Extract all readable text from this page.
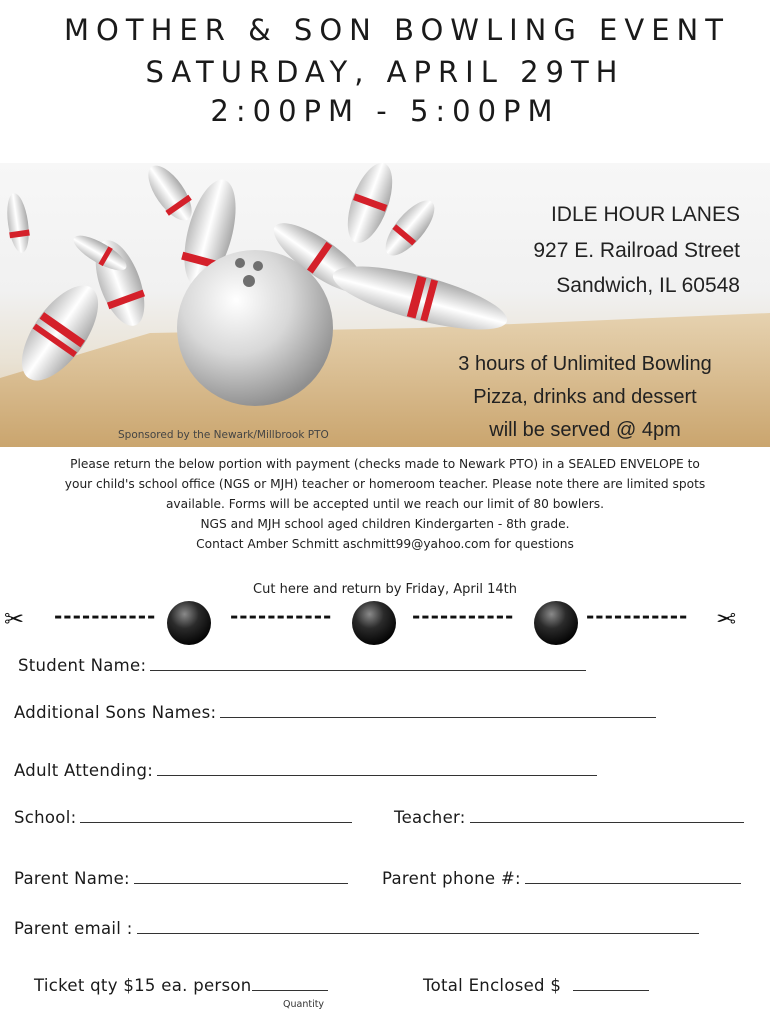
MOTHER & SON BOWLING EVENT
SATURDAY, APRIL 29TH
2:00PM - 5:00PM
IDLE HOUR LANES
927 E. Railroad Street
Sandwich, IL 60548
3 hours of Unlimited Bowling
Pizza, drinks and dessert
will be served @ 4pm
Sponsored by the Newark/Millbrook PTO
Please return the below portion with payment (checks made to Newark PTO) in a SEALED ENVELOPE to
your child's school office (NGS or MJH) teacher or homeroom teacher. Please note there are limited spots
available. Forms will be accepted until we reach our limit of 80 bowlers.
NGS and MJH school aged children Kindergarten - 8th grade.
Contact Amber Schmitt aschmitt99@yahoo.com for questions
Cut here and return by Friday, April 14th
✂ -----------	-----------	-----------	----------- ✂
Student Name:
Additional Sons Names:
Adult Attending:
School:	Teacher:
Parent Name:	Parent phone #:
Parent email :
Ticket qty $15 ea. person	Total Enclosed $
Quantity
